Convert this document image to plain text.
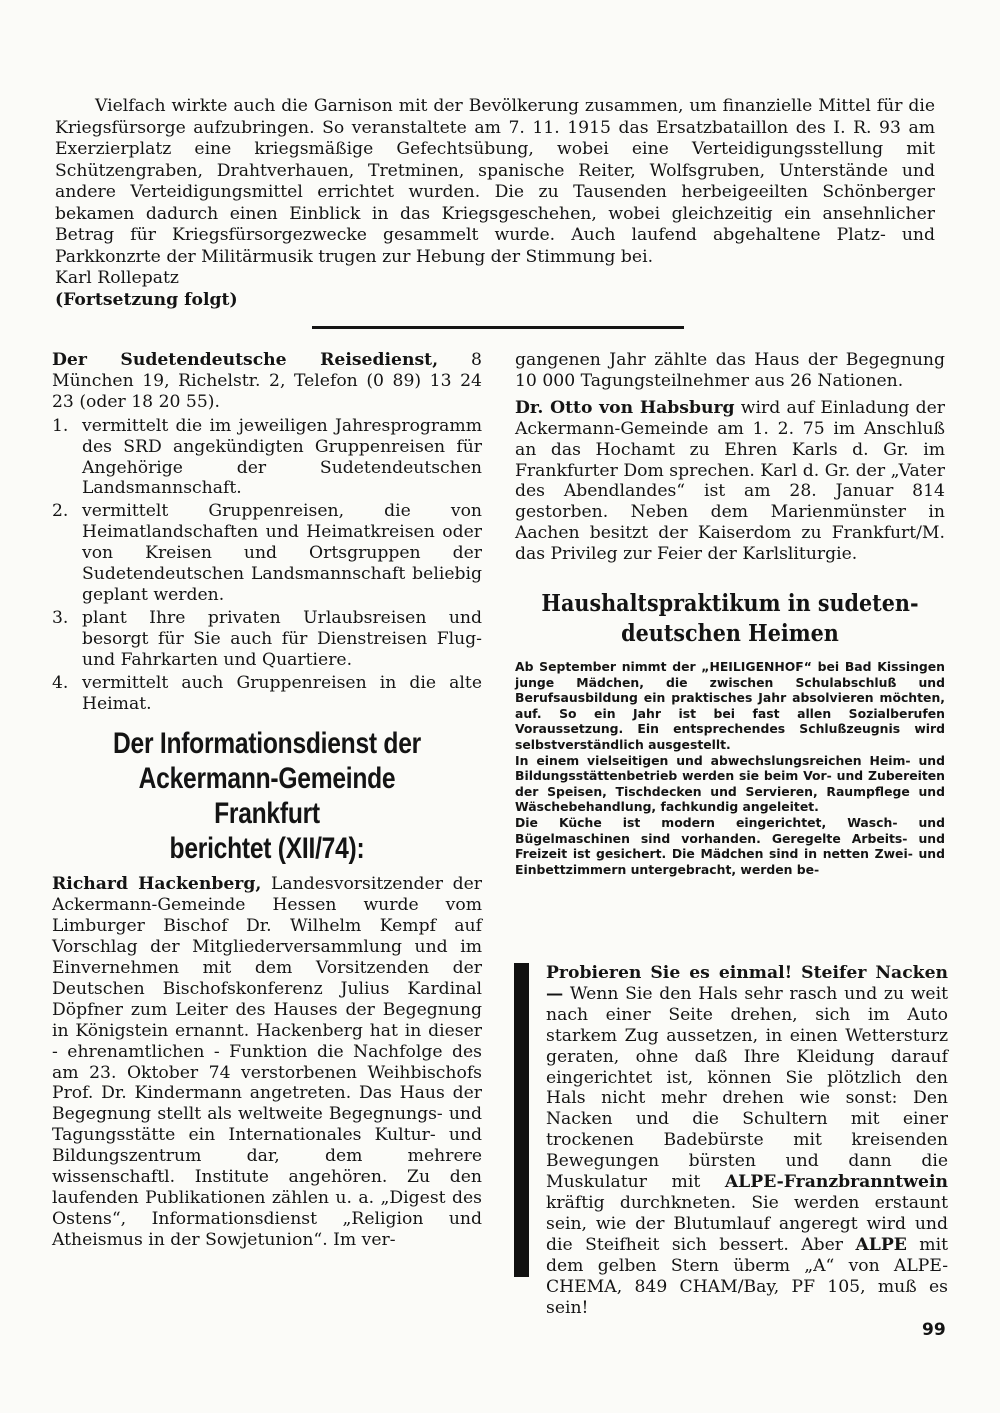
Vielfach wirkte auch die Garnison mit der Bevölkerung zusammen, um finanzielle Mittel für die Kriegsfürsorge aufzubringen. So veranstaltete am 7. 11. 1915 das Ersatzbataillon des I. R. 93 am Exerzierplatz eine kriegsmäßige Gefechtsübung, wobei eine Verteidigungsstellung mit Schützengraben, Drahtverhauen, Tretminen, spanische Reiter, Wolfsgruben, Unterstände und andere Verteidigungsmittel errichtet wurden. Die zu Tausenden herbeigeeilten Schönberger bekamen dadurch einen Einblick in das Kriegsgeschehen, wobei gleichzeitig ein ansehnlicher Betrag für Kriegsfürsorgezwecke gesammelt wurde. Auch laufend abgehaltene Platz- und Parkkonzrte der Militärmusik trugen zur Hebung der Stimmung bei.

Karl Rollepatz

(Fortsetzung folgt)

Der Sudetendeutsche Reisedienst, 8 München 19, Richelstr. 2, Telefon (0 89) 13 24 23 (oder 18 20 55).

1. vermittelt die im jeweiligen Jahresprogramm des SRD angekündigten Gruppenreisen für Angehörige der Sudetendeutschen Landsmannschaft.
2. vermittelt Gruppenreisen, die von Heimatlandschaften und Heimatkreisen oder von Kreisen und Ortsgruppen der Sudetendeutschen Landsmannschaft beliebig geplant werden.
3. plant Ihre privaten Urlaubsreisen und besorgt für Sie auch für Dienstreisen Flug- und Fahrkarten und Quartiere.
4. vermittelt auch Gruppenreisen in die alte Heimat.
Der Informationsdienst der
Ackermann-Gemeinde Frankfurt
berichtet (XII/74):

Richard Hackenberg, Landesvorsitzender der Ackermann-Gemeinde Hessen wurde vom Limburger Bischof Dr. Wilhelm Kempf auf Vorschlag der Mitgliederversammlung und im Einvernehmen mit dem Vorsitzenden der Deutschen Bischofskonferenz Julius Kardinal Döpfner zum Leiter des Hauses der Begegnung in Königstein ernannt. Hackenberg hat in dieser - ehrenamtlichen - Funktion die Nachfolge des am 23. Oktober 74 verstorbenen Weihbischofs Prof. Dr. Kindermann angetreten. Das Haus der Begegnung stellt als weltweite Begegnungs- und Tagungsstätte ein Internationales Kultur- und Bildungszentrum dar, dem mehrere wissenschaftl. Institute angehören. Zu den laufenden Publikationen zählen u. a. „Digest des Ostens“, Informationsdienst „Religion und Atheismus in der Sowjetunion“. Im ver-

gangenen Jahr zählte das Haus der Begegnung 10 000 Tagungsteilnehmer aus 26 Nationen.

Dr. Otto von Habsburg wird auf Einladung der Ackermann-Gemeinde am 1. 2. 75 im Anschluß an das Hochamt zu Ehren Karls d. Gr. im Frankfurter Dom sprechen. Karl d. Gr. der „Vater des Abendlandes“ ist am 28. Januar 814 gestorben. Neben dem Marienmünster in Aachen besitzt der Kaiserdom zu Frankfurt/M. das Privileg zur Feier der Karlsliturgie.

Haushaltspraktikum in sudeten-
deutschen Heimen

Ab September nimmt der „HEILIGENHOF“ bei Bad Kissingen junge Mädchen, die zwischen Schulabschluß und Berufsausbildung ein praktisches Jahr absolvieren möchten, auf. So ein Jahr ist bei fast allen Sozialberufen Voraussetzung. Ein entsprechendes Schlußzeugnis wird selbstverständlich ausgestellt.

In einem vielseitigen und abwechslungsreichen Heim- und Bildungsstättenbetrieb werden sie beim Vor- und Zubereiten der Speisen, Tischdecken und Servieren, Raumpflege und Wäschebehandlung, fachkundig angeleitet.

Die Küche ist modern eingerichtet, Wasch- und Bügelmaschinen sind vorhanden. Geregelte Arbeits- und Freizeit ist gesichert. Die Mädchen sind in netten Zwei- und Einbettzimmern untergebracht, werden be-

Probieren Sie es einmal! Steifer Nacken — Wenn Sie den Hals sehr rasch und zu weit nach einer Seite drehen, sich im Auto starkem Zug aussetzen, in einen Wettersturz geraten, ohne daß Ihre Kleidung darauf eingerichtet ist, können Sie plötzlich den Hals nicht mehr drehen wie sonst: Den Nacken und die Schultern mit einer trockenen Badebürste mit kreisenden Bewegungen bürsten und dann die Muskulatur mit ALPE-Franzbranntwein kräftig durchkneten. Sie werden erstaunt sein, wie der Blutumlauf angeregt wird und die Steifheit sich bessert. Aber ALPE mit dem gelben Stern überm „A“ von ALPE-CHEMA, 849 CHAM/Bay, PF 105, muß es sein!

99
